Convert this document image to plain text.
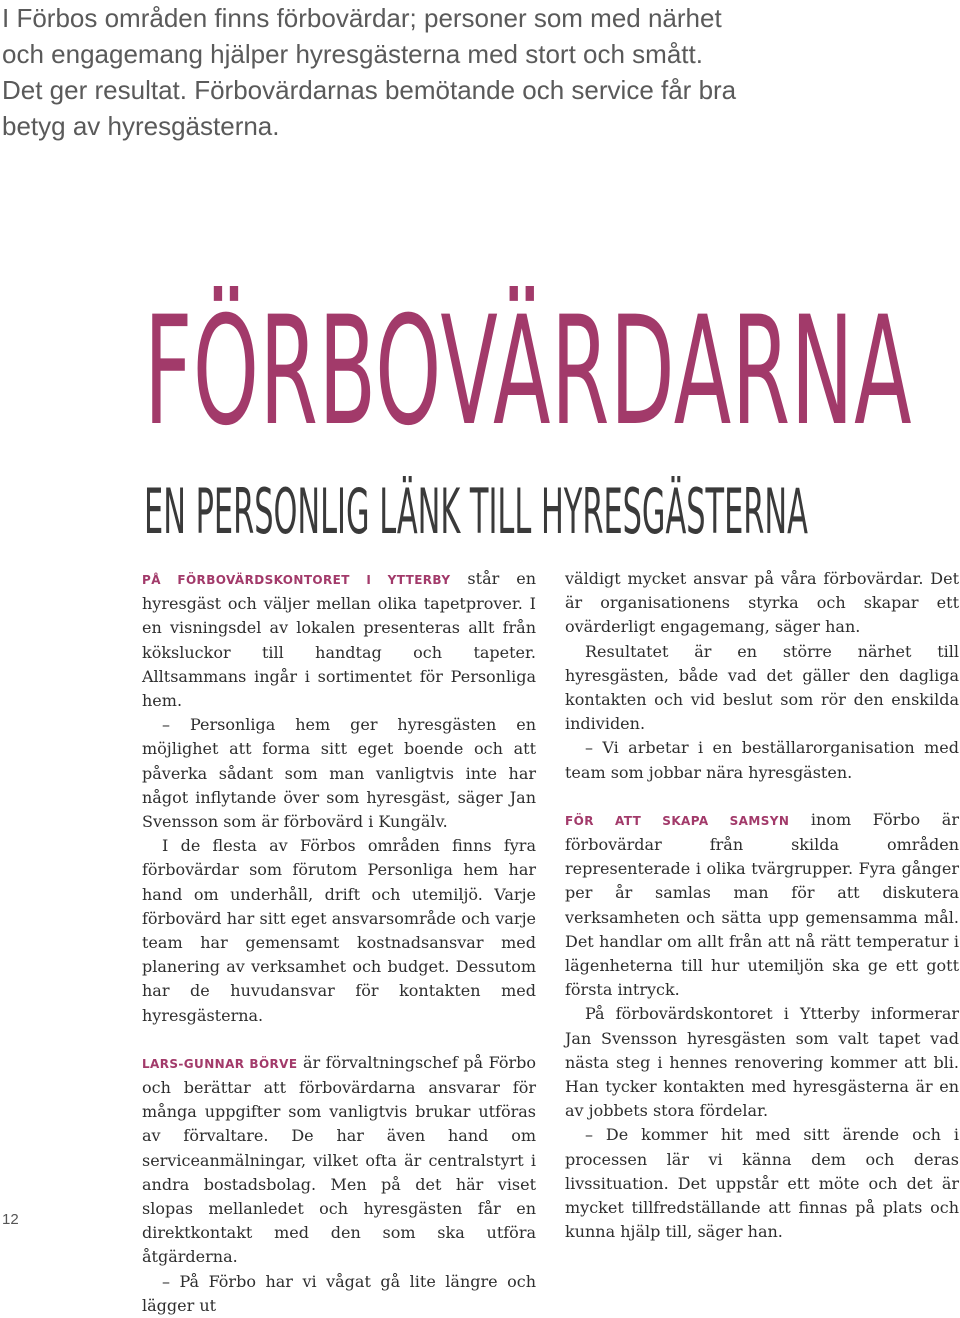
I Förbos områden finns förbovärdar; personer som med närhet
och engagemang hjälper hyresgästerna med stort och smått.
Det ger resultat. Förbovärdarnas bemötande och service får bra
betyg av hyresgästerna.

FÖRBOVÄRDARNA
EN PERSONLIG LÄNK TILL HYRESGÄSTERNA

PÅ FÖRBOVÄRDSKONTORET I YTTERBY står en hyresgäst och väljer mellan olika tapetprover. I en visningsdel av lokalen presenteras allt från köksluckor till handtag och tapeter. Alltsammans ingår i sortimentet för Personliga hem.

– Personliga hem ger hyresgästen en möjlighet att forma sitt eget boende och att påverka sådant som man vanligtvis inte har något inflytande över som hyresgäst, säger Jan Svensson som är förbovärd i Kungälv.

I de flesta av Förbos områden finns fyra förbovärdar som förutom Personliga hem har hand om underhåll, drift och utemiljö. Varje förbovärd har sitt eget ansvarsområde och varje team har gemensamt kostnadsansvar med planering av verksamhet och budget. Dessutom har de huvudansvar för kontakten med hyresgästerna.

LARS-GUNNAR BÖRVE är förvaltningschef på Förbo och berättar att förbovärdarna ansvarar för många uppgifter som vanligtvis brukar utföras av förvaltare. De har även hand om serviceanmälningar, vilket ofta är centralstyrt i andra bostadsbolag. Men på det här viset slopas mellanledet och hyresgästen får en direktkontakt med den som ska utföra åtgärderna.

– På Förbo har vi vågat gå lite längre och lägger ut

väldigt mycket ansvar på våra förbovärdar. Det är organisationens styrka och skapar ett ovärderligt engagemang, säger han.

Resultatet är en större närhet till hyresgästen, både vad det gäller den dagliga kontakten och vid beslut som rör den enskilda individen.

– Vi arbetar i en beställarorganisation med team som jobbar nära hyresgästen.

FÖR ATT SKAPA SAMSYN inom Förbo är förbovärdar från skilda områden representerade i olika tvärgrupper. Fyra gånger per år samlas man för att diskutera verksamheten och sätta upp gemensamma mål. Det handlar om allt från att nå rätt temperatur i lägenheterna till hur utemiljön ska ge ett gott första intryck.

På förbovärdskontoret i Ytterby informerar Jan Svensson hyresgästen som valt tapet vad nästa steg i hennes renovering kommer att bli. Han tycker kontakten med hyresgästerna är en av jobbets stora fördelar.

– De kommer hit med sitt ärende och i processen lär vi känna dem och deras livssituation. Det uppstår ett möte och det är mycket tillfredställande att finnas på plats och kunna hjälp till, säger han.

12
